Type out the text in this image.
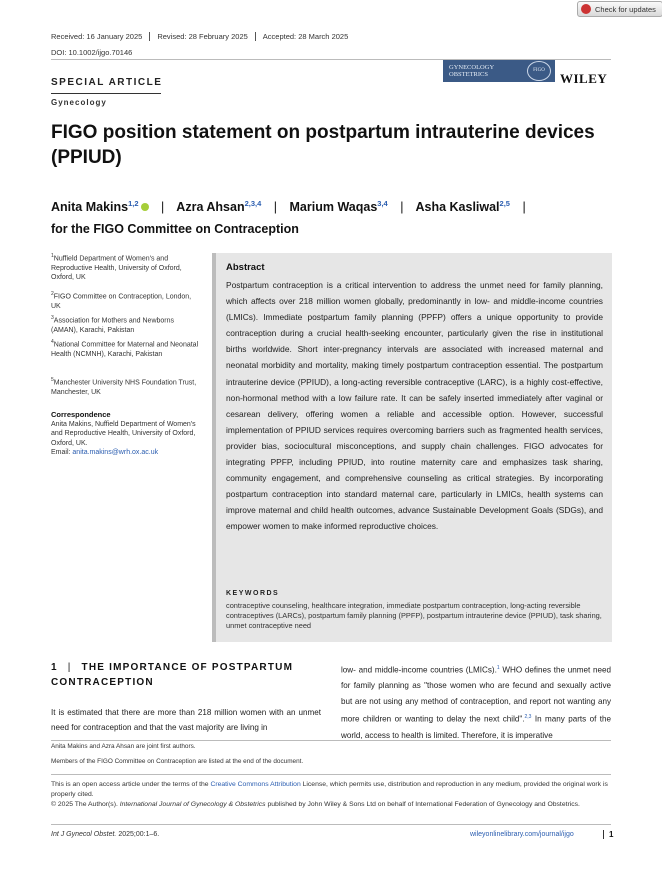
Check for updates
Received: 16 January 2025	Revised: 28 February 2025	Accepted: 28 March 2025
DOI: 10.1002/ijgo.70146
SPECIAL ARTICLE
Gynecology
GYNECOLOGY
OBSTETRICS
FIGO
WILEY
FIGO position statement on postpartum intrauterine devices (PPIUD)
Anita Makins$^{1,2}$ | Azra Ahsan$^{2,3,4}$ | Marium Waqas$^{3,4}$ | Asha Kasliwal$^{2,5}$ |
for the FIGO Committee on Contraception
$^1$Nuffield Department of Women's and Reproductive Health, University of Oxford, Oxford, UK
$^2$FIGO Committee on Contraception, London, UK
$^3$Association for Mothers and Newborns (AMAN), Karachi, Pakistan
$^4$National Committee for Maternal and Neonatal Health (NCMNH), Karachi, Pakistan
$^5$Manchester University NHS Foundation Trust, Manchester, UK
Correspondence
Anita Makins, Nuffield Department of Women's and Reproductive Health, University of Oxford, Oxford, UK.
Email: anita.makins@wrh.ox.ac.uk
Abstract
Postpartum contraception is a critical intervention to address the unmet need for family planning, which affects over 218 million women globally, predominantly in low- and middle-income countries (LMICs). Immediate postpartum family planning (PPFP) offers a unique opportunity to provide contraception during a crucial health-seeking encounter, particularly given the rise in institutional births worldwide. Short inter-pregnancy intervals are associated with increased maternal and neonatal morbidity and mortality, making timely postpartum contraception essential. The postpartum intrauterine device (PPIUD), a long-acting reversible contraceptive (LARC), is a highly cost-effective, non-hormonal method with a low failure rate. It can be safely inserted immediately after vaginal or cesarean delivery, offering women a reliable and accessible option. However, successful implementation of PPIUD services requires overcoming barriers such as fragmented health services, provider bias, sociocultural misconceptions, and supply chain challenges. FIGO advocates for integrating PPFP, including PPIUD, into routine maternity care and emphasizes task sharing, community engagement, and comprehensive counseling as critical strategies. By incorporating postpartum contraception into standard maternal care, particularly in LMICs, health systems can improve maternal and child health outcomes, advance Sustainable Development Goals (SDGs), and empower women to make informed reproductive choices.
KEYWORDS
contraceptive counseling, healthcare integration, immediate postpartum contraception, long-acting reversible contraceptives (LARCs), postpartum family planning (PPFP), postpartum intrauterine device (PPIUD), task sharing, unmet contraceptive need
1 | THE IMPORTANCE OF POSTPARTUM CONTRACEPTION
It is estimated that there are more than 218 million women with an unmet need for contraception and that the vast majority are living in
low- and middle-income countries (LMICs).$^1$ WHO defines the unmet need for family planning as "those women who are fecund and sexually active but are not using any method of contraception, and report not wanting any more children or wanting to delay the next child".$^{2,3}$ In many parts of the world, access to health is limited. Therefore, it is imperative
Anita Makins and Azra Ahsan are joint first authors.
Members of the FIGO Committee on Contraception are listed at the end of the document.
This is an open access article under the terms of the Creative Commons Attribution License, which permits use, distribution and reproduction in any medium, provided the original work is properly cited.
© 2025 The Author(s). International Journal of Gynecology & Obstetrics published by John Wiley & Sons Ltd on behalf of International Federation of Gynecology and Obstetrics.
Int J Gynecol Obstet. 2025;00:1–6.	wileyonlinelibrary.com/journal/ijgo	1
